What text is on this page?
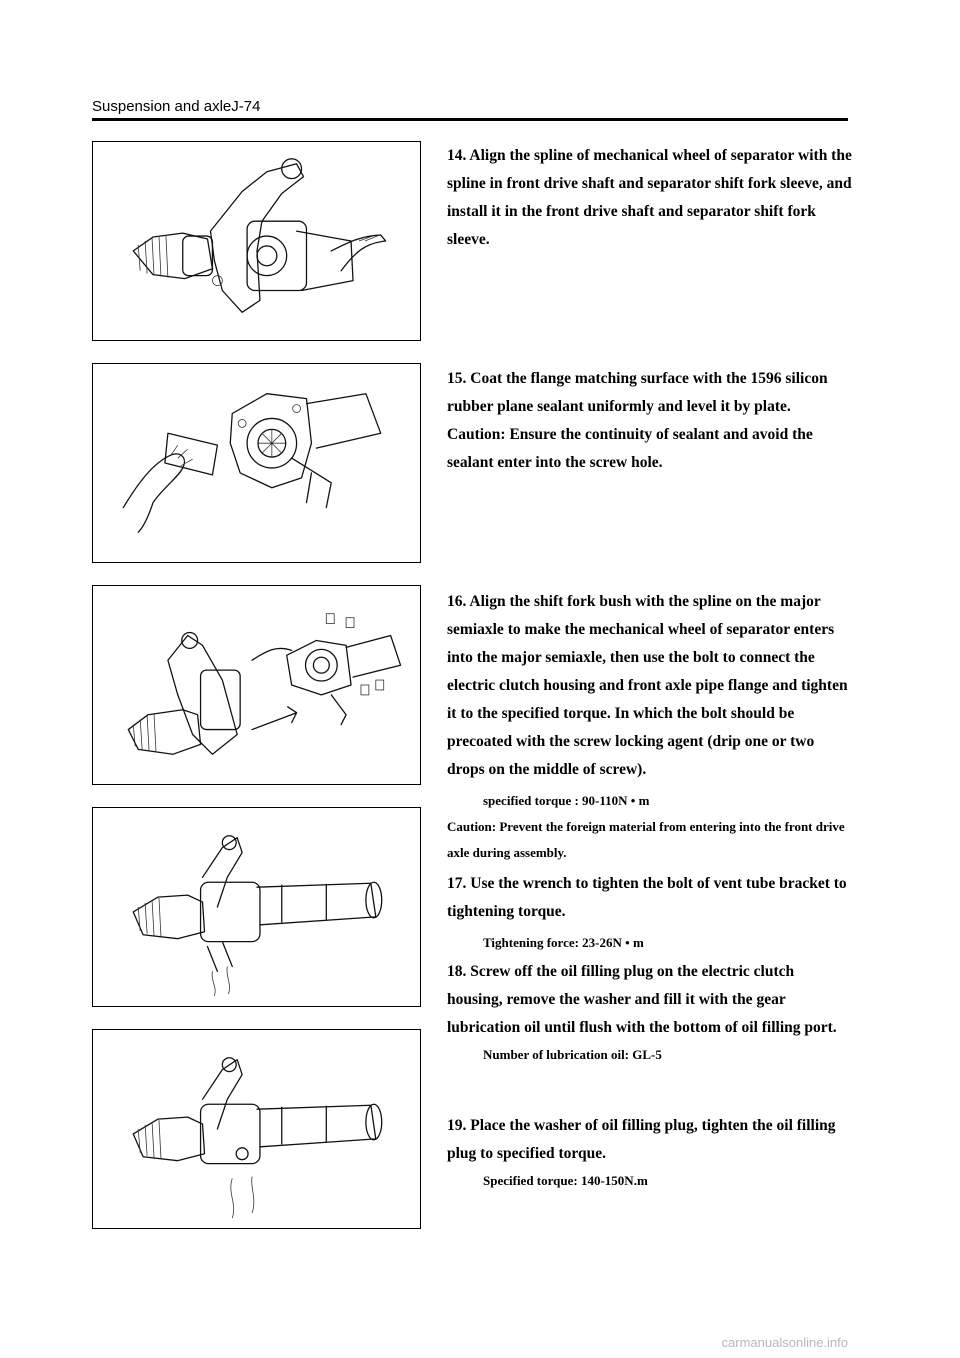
Suspension and axleJ-74
14. Align the spline of mechanical wheel of separator with the spline in front drive shaft and separator shift fork sleeve, and install it in the front drive shaft and separator shift fork sleeve.
15. Coat the flange matching surface with the 1596 silicon rubber plane sealant uniformly and level it by plate.
Caution: Ensure the continuity of sealant and avoid the sealant enter into the screw hole.
16. Align the shift fork bush with the spline on the major semiaxle to make the mechanical wheel of separator enters into the major semiaxle, then use the bolt to connect the electric clutch housing and front axle pipe flange and tighten it to the specified torque. In which the bolt should be precoated with the screw locking agent (drip one or two drops on the middle of screw).
specified torque : 90-110N • m
Caution: Prevent the foreign material from entering into the front drive axle during assembly.
17. Use the wrench to tighten the bolt of vent tube bracket to tightening torque.
Tightening force: 23-26N • m
18. Screw off the oil filling plug on the electric clutch housing, remove the washer and fill it with the gear lubrication oil until flush with the bottom of oil filling port.
Number of lubrication oil: GL-5
19. Place the washer of oil filling plug, tighten the oil filling plug to specified torque.
Specified torque: 140-150N.m
carmanualsonline.info
